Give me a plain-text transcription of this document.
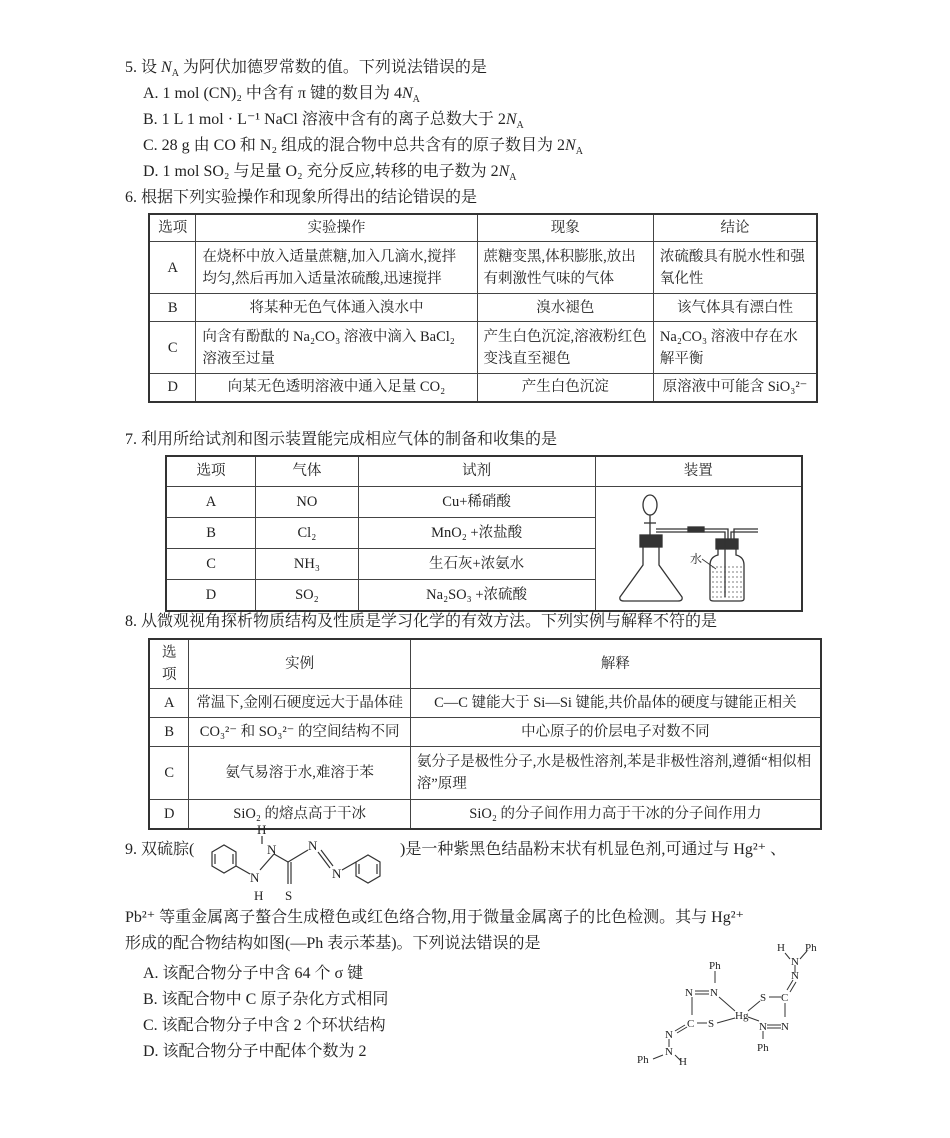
5. 设 $N_A$ 为阿伏加德罗常数的值。下列说法错误的是
A. 1 mol (CN)₂ 中含有 π 键的数目为 $4N_A$
B. 1 L 1 mol · L⁻¹ NaCl 溶液中含有的离子总数大于 $2N_A$
C. 28 g 由 CO 和 N₂ 组成的混合物中总共含有的原子数目为 $2N_A$
D. 1 mol SO₂ 与足量 O₂ 充分反应,转移的电子数为 $2N_A$
6. 根据下列实验操作和现象所得出的结论错误的是
选项	实验操作	现象	结论
A	在烧杯中放入适量蔗糖,加入几滴水,搅拌均匀,然后再加入适量浓硫酸,迅速搅拌	蔗糖变黑,体积膨胀,放出有刺激性气味的气体	浓硫酸具有脱水性和强氧化性
B	将某种无色气体通入溴水中	溴水褪色	该气体具有漂白性
C	向含有酚酞的 Na₂CO₃ 溶液中滴入 BaCl₂ 溶液至过量	产生白色沉淀,溶液粉红色变浅直至褪色	Na₂CO₃ 溶液中存在水解平衡
D	向某无色透明溶液中通入足量 CO₂	产生白色沉淀	原溶液中可能含 SiO₃²⁻
7. 利用所给试剂和图示装置能完成相应气体的制备和收集的是
选项	气体	试剂	装置
A	NO	Cu+稀硝酸	水

B	Cl₂	MnO₂ +浓盐酸	
C	NH₃	生石灰+浓氨水	
D	SO₂	Na₂SO₃ +浓硫酸	
8. 从微观视角探析物质结构及性质是学习化学的有效方法。下列实例与解释不符的是
选项	实例	解释
A	常温下,金刚石硬度远大于晶体硅	C—C 键能大于 Si—Si 键能,共价晶体的硬度与键能正相关
B	CO₃²⁻ 和 SO₃²⁻ 的空间结构不同	中心原子的价层电子对数不同
C	氨气易溶于水,难溶于苯	氨分子是极性分子,水是极性溶剂,苯是非极性溶剂,遵循“相似相溶”原理
D	SiO₂ 的熔点高于干冰	SiO₂ 的分子间作用力高于干冰的分子间作用力
9. 双硫腙(
H
N
N
H
N
N
S
)是一种紫黑色结晶粉末状有机显色剂,可通过与 Hg²⁺ 、
Pb²⁺ 等重金属离子螯合生成橙色或红色络合物,用于微量金属离子的比色检测。其与 Hg²⁺
形成的配合物结构如图(—Ph 表示苯基)。下列说法错误的是
A. 该配合物分子中含 64 个 σ 键
B. 该配合物中 C 原子杂化方式相同
C. 该配合物分子中含 2 个环状结构
D. 该配合物分子中配体个数为 2
Ph
N N
C S
N
N
Ph	H
Hg
S C
N
N
H Ph
N N
Ph
